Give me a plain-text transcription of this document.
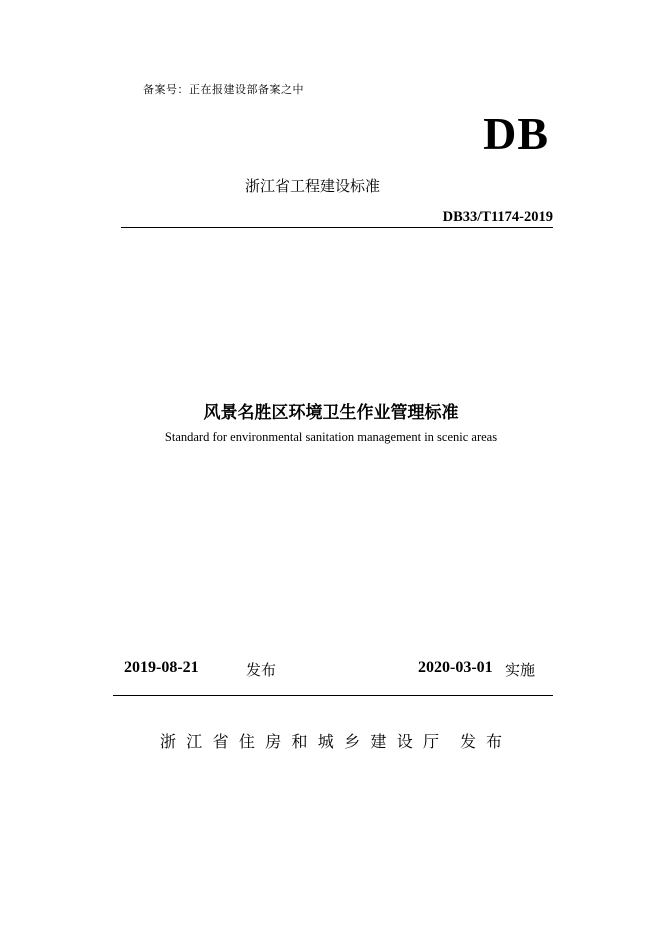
备案号：正在报建设部备案之中
DB
浙江省工程建设标准
DB33/T1174-2019
风景名胜区环境卫生作业管理标准
Standard for environmental sanitation management in scenic areas
2019-08-21	发布	2020-03-01 实施
浙江省住房和城乡建设厅 发布
